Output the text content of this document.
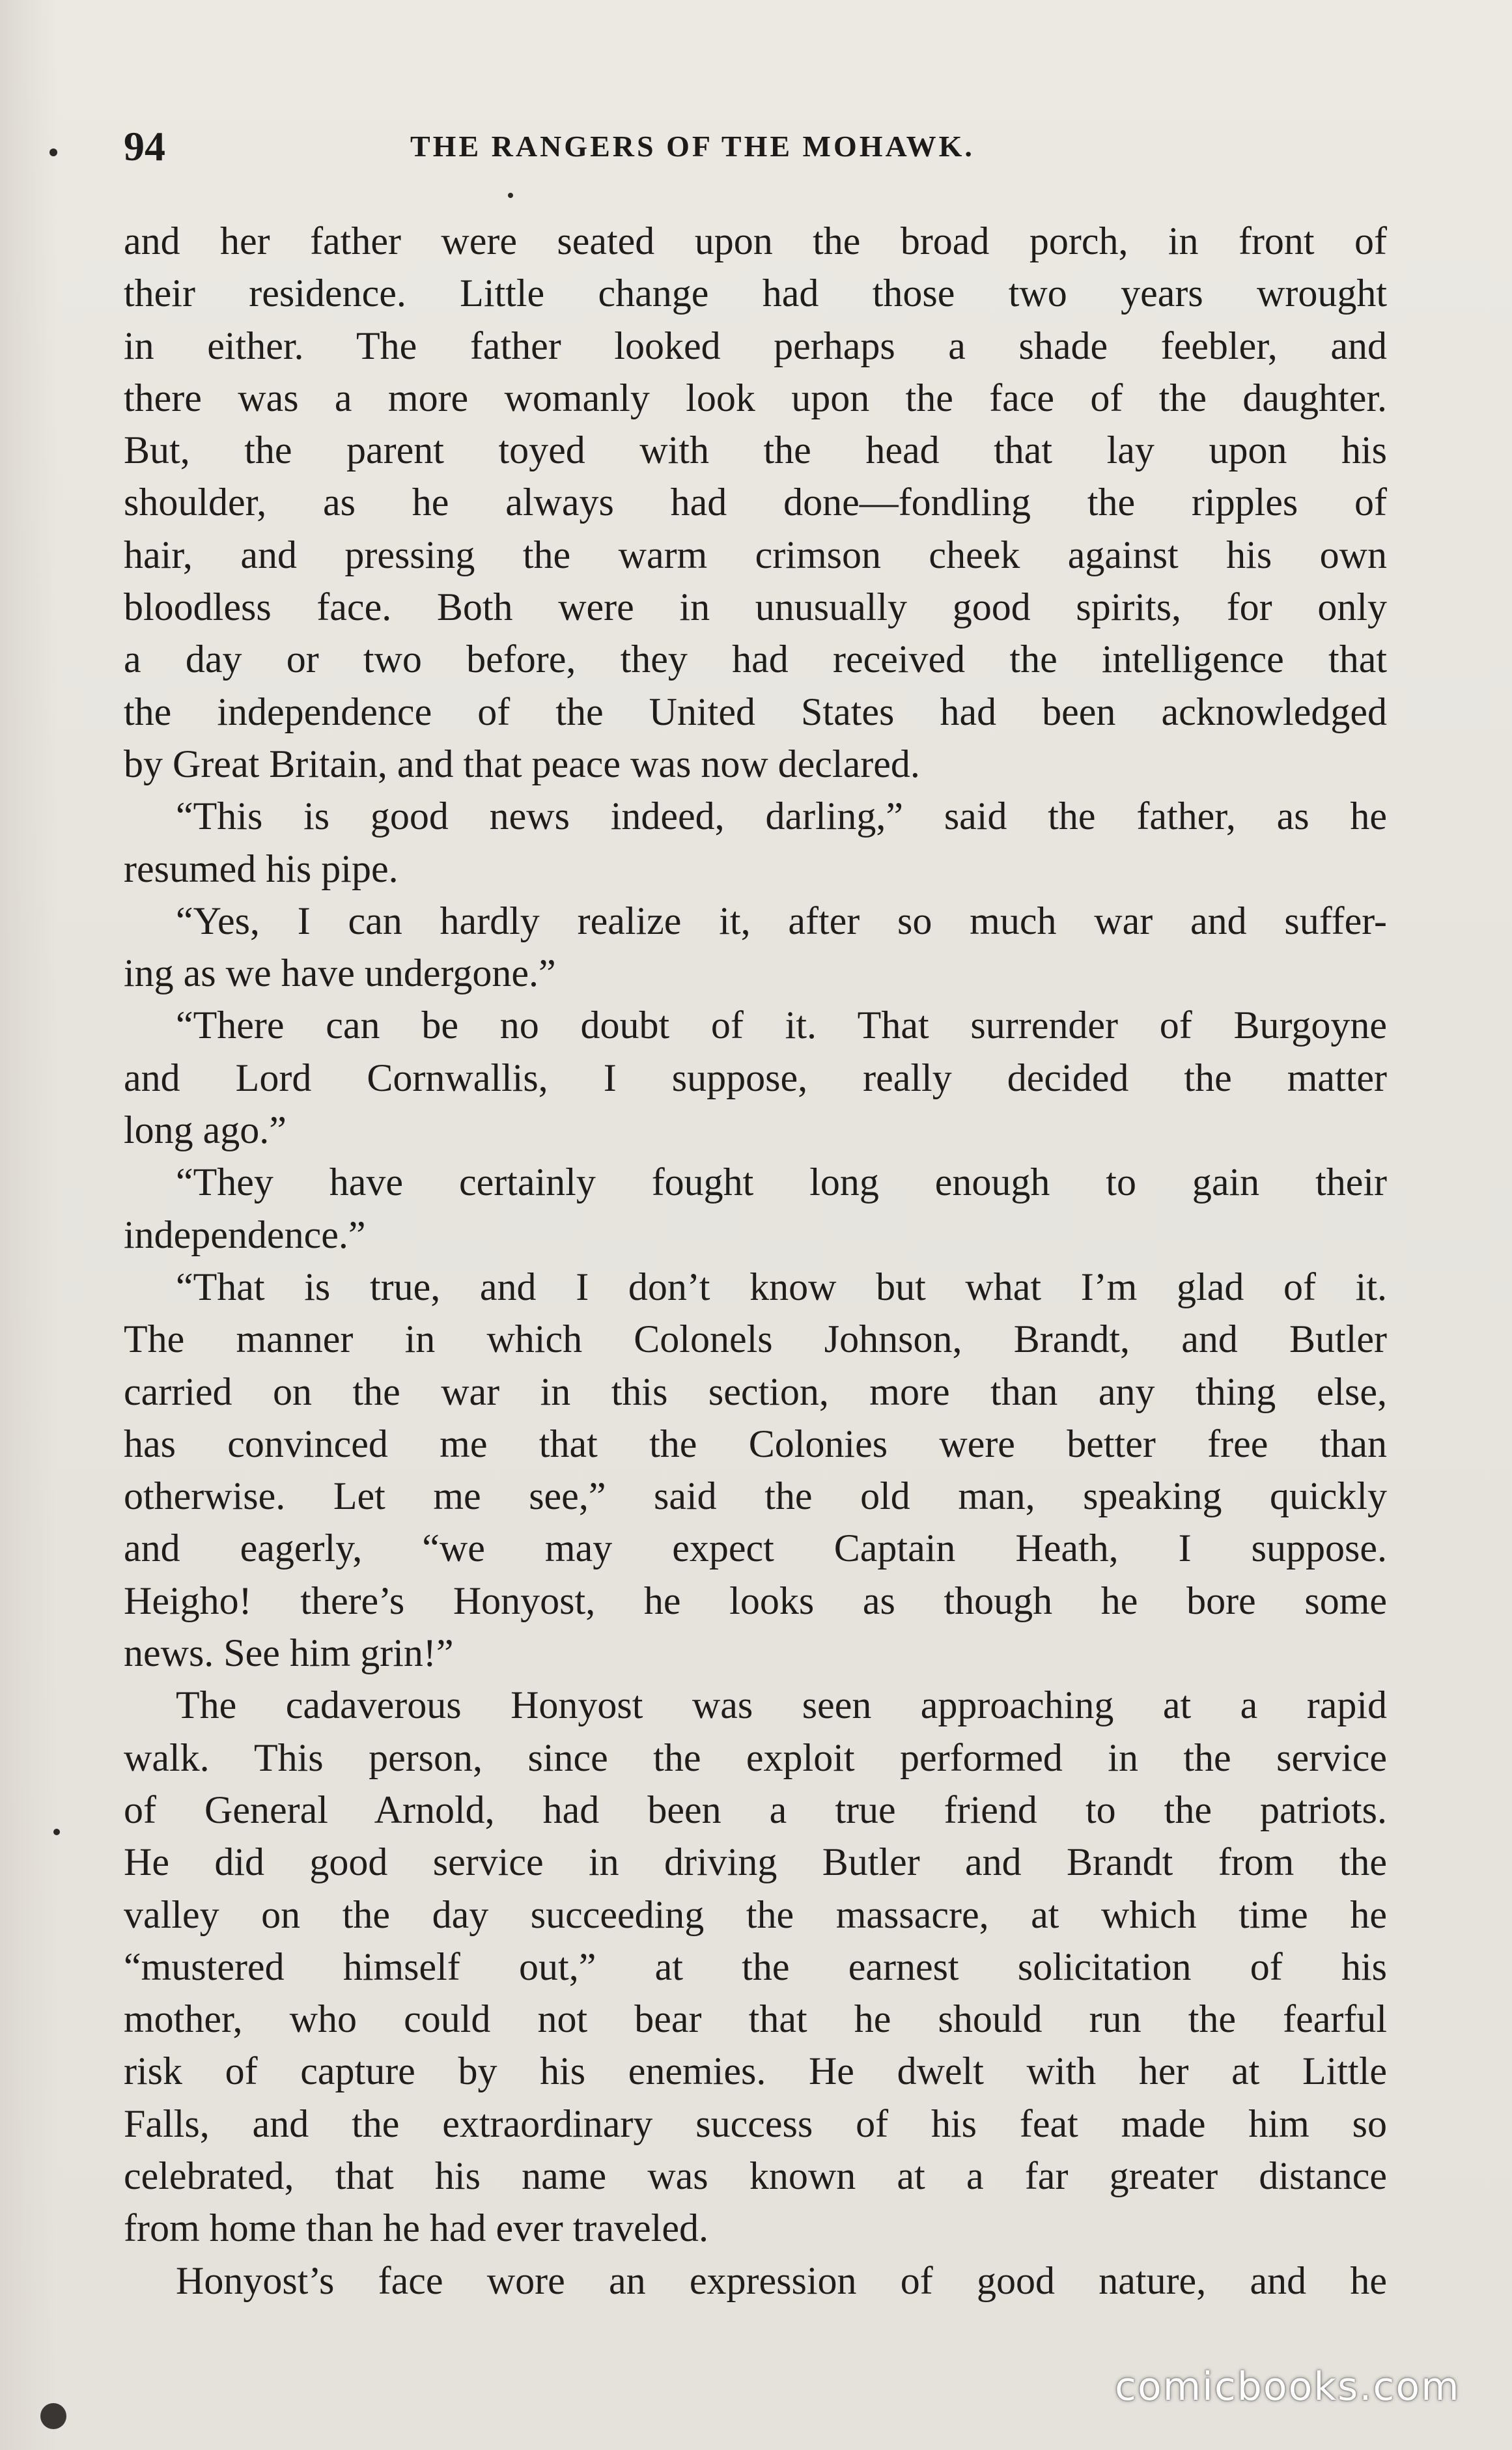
94	THE RANGERS OF THE MOHAWK.
and her father were seated upon the broad porch, in front of
their residence. Little change had those two years wrought
in either. The father looked perhaps a shade feebler, and
there was a more womanly look upon the face of the daughter.
But, the parent toyed with the head that lay upon his
shoulder, as he always had done—fondling the ripples of
hair, and pressing the warm crimson cheek against his own
bloodless face. Both were in unusually good spirits, for only
a day or two before, they had received the intelligence that
the independence of the United States had been acknowledged
by Great Britain, and that peace was now declared.
“This is good news indeed, darling,” said the father, as he
resumed his pipe.
“Yes, I can hardly realize it, after so much war and suffer-
ing as we have undergone.”
“There can be no doubt of it. That surrender of Burgoyne
and Lord Cornwallis, I suppose, really decided the matter
long ago.”
“They have certainly fought long enough to gain their
independence.”
“That is true, and I don’t know but what I’m glad of it.
The manner in which Colonels Johnson, Brandt, and Butler
carried on the war in this section, more than any thing else,
has convinced me that the Colonies were better free than
otherwise. Let me see,” said the old man, speaking quickly
and eagerly, “we may expect Captain Heath, I suppose.
Heigho! there’s Honyost, he looks as though he bore some
news. See him grin!”
The cadaverous Honyost was seen approaching at a rapid
walk. This person, since the exploit performed in the service
of General Arnold, had been a true friend to the patriots.
He did good service in driving Butler and Brandt from the
valley on the day succeeding the massacre, at which time he
“mustered himself out,” at the earnest solicitation of his
mother, who could not bear that he should run the fearful
risk of capture by his enemies. He dwelt with her at Little
Falls, and the extraordinary success of his feat made him so
celebrated, that his name was known at a far greater distance
from home than he had ever traveled.
Honyost’s face wore an expression of good nature, and he
comicbooks.com
